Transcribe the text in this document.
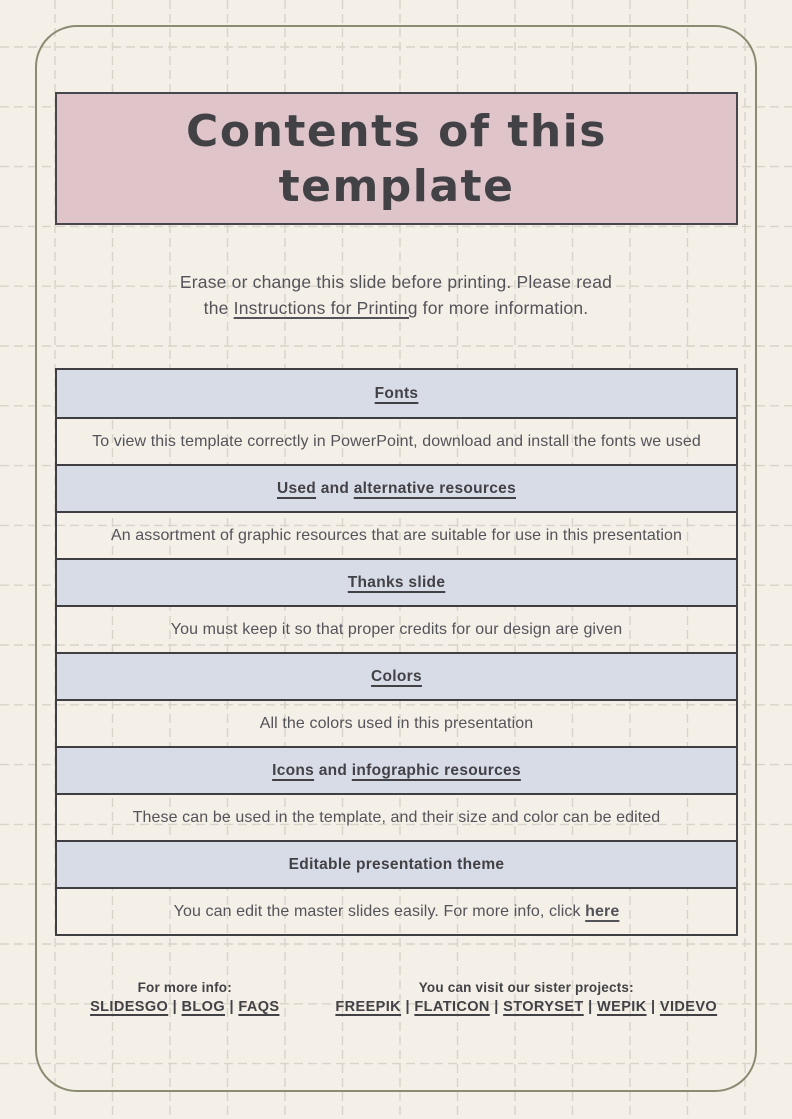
Contents of this
template
Erase or change this slide before printing. Please read
the Instructions for Printing for more information.
Fonts
To view this template correctly in PowerPoint, download and install the fonts we used
Used and alternative resources
An assortment of graphic resources that are suitable for use in this presentation
Thanks slide
You must keep it so that proper credits for our design are given
Colors
All the colors used in this presentation
Icons and infographic resources
These can be used in the template, and their size and color can be edited
Editable presentation theme
You can edit the master slides easily. For more info, click here
For more info:
SLIDESGO | BLOG | FAQS
You can visit our sister projects:
FREEPIK | FLATICON | STORYSET | WEPIK | VIDEVO
